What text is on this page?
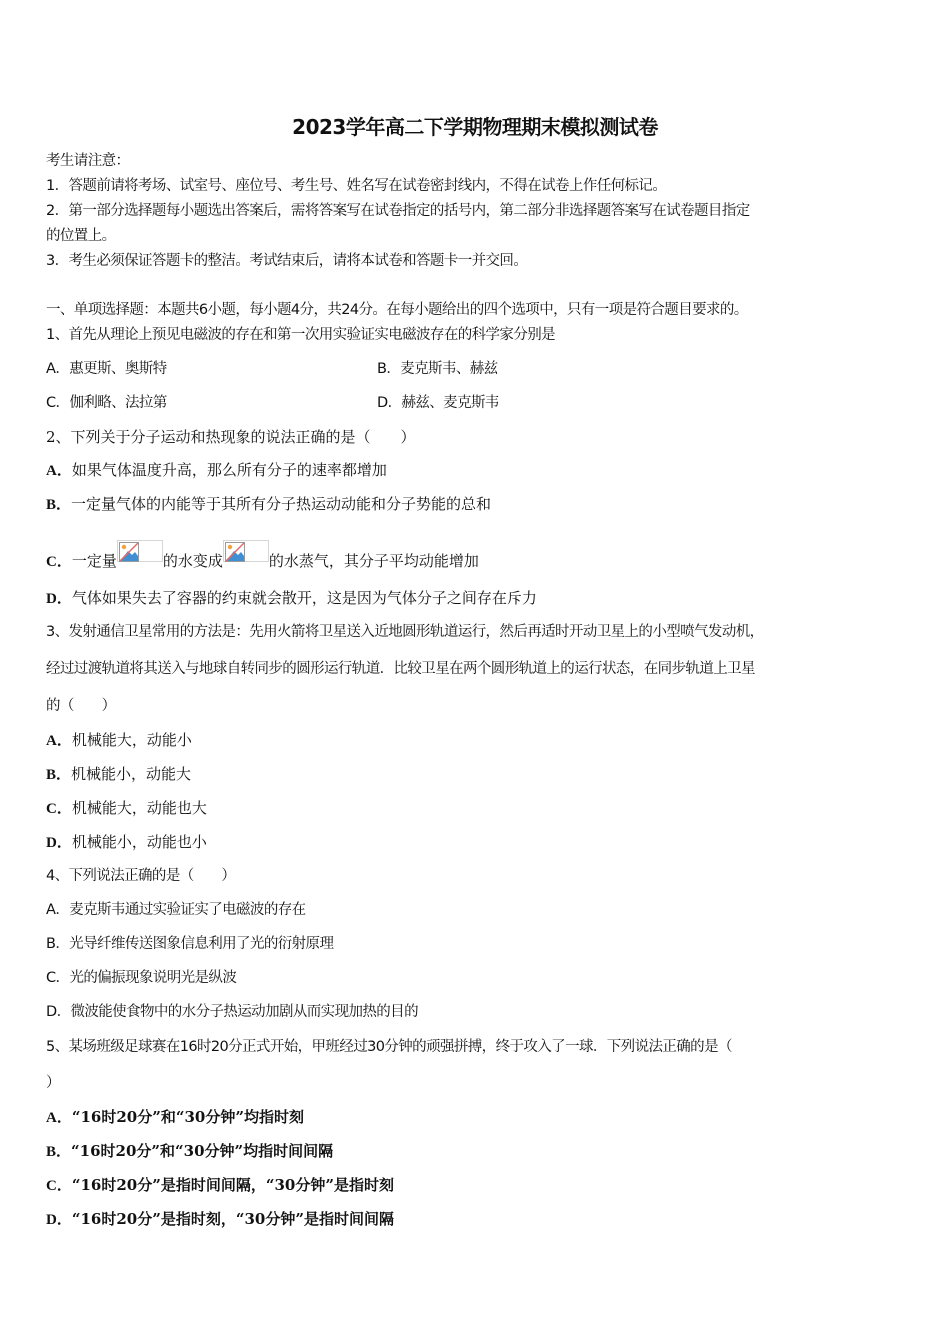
2023学年高二下学期物理期末模拟测试卷
考生请注意：
1．答题前请将考场、试室号、座位号、考生号、姓名写在试卷密封线内，不得在试卷上作任何标记。
2．第一部分选择题每小题选出答案后，需将答案写在试卷指定的括号内，第二部分非选择题答案写在试卷题目指定
的位置上。
3．考生必须保证答题卡的整洁。考试结束后，请将本试卷和答题卡一并交回。
一、单项选择题：本题共6小题，每小题4分，共24分。在每小题给出的四个选项中，只有一项是符合题目要求的。
1、首先从理论上预见电磁波的存在和第一次用实验证实电磁波存在的科学家分别是
A．惠更斯、奥斯特	B．麦克斯韦、赫兹
C．伽利略、法拉第	D．赫兹、麦克斯韦
2、下列关于分子运动和热现象的说法正确的是（　　）
A．如果气体温度升高，那么所有分子的速率都增加
B．一定量气体的内能等于其所有分子热运动动能和分子势能的总和
C．一定量	的水变成	的水蒸气，其分子平均动能增加
D．气体如果失去了容器的约束就会散开，这是因为气体分子之间存在斥力
3、发射通信卫星常用的方法是：先用火箭将卫星送入近地圆形轨道运行，然后再适时开动卫星上的小型喷气发动机，
经过过渡轨道将其送入与地球自转同步的圆形运行轨道．比较卫星在两个圆形轨道上的运行状态，在同步轨道上卫星
的（　　）
A．机械能大，动能小
B．机械能小，动能大
C．机械能大，动能也大
D．机械能小，动能也小
4、下列说法正确的是（　　）
A．麦克斯韦通过实验证实了电磁波的存在
B．光导纤维传送图象信息利用了光的衍射原理
C．光的偏振现象说明光是纵波
D．微波能使食物中的水分子热运动加剧从而实现加热的目的
5、某场班级足球赛在16时20分正式开始，甲班经过30分钟的顽强拼搏，终于攻入了一球．下列说法正确的是（
）
A．“16时20分”和“30分钟”均指时刻
B．“16时20分”和“30分钟”均指时间间隔
C．“16时20分”是指时间间隔，“30分钟”是指时刻
D．“16时20分”是指时刻，“30分钟”是指时间间隔
